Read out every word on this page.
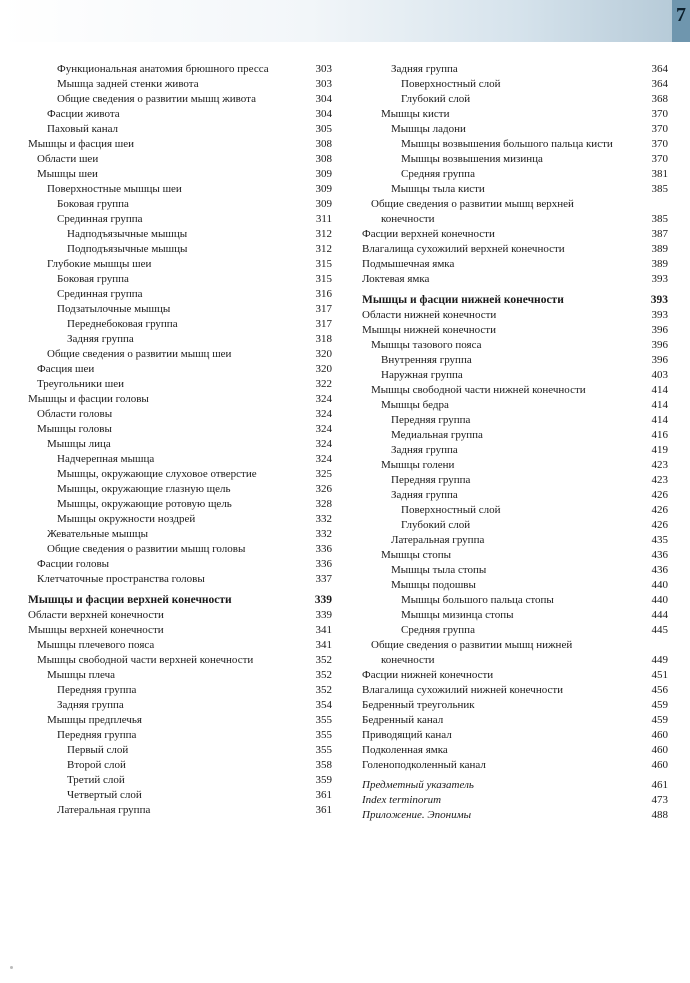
7
Функциональная анатомия брюшного пресса	303
Мышца задней стенки живота	303
Общие сведения о развитии мышц живота	304
Фасции живота	304
Паховый канал	305
Мышцы и фасция шеи	308
Области шеи	308
Мышцы шеи	309
Поверхностные мышцы шеи	309
Боковая группа	309
Срединная группа	311
Надподъязычные мышцы	312
Подподъязычные мышцы	312
Глубокие мышцы шеи	315
Боковая группа	315
Срединная группа	316
Подзатылочные мышцы	317
Переднебоковая группа	317
Задняя группа	318
Общие сведения о развитии мышц шеи	320
Фасция шеи	320
Треугольники шеи	322
Мышцы и фасции головы	324
Области головы	324
Мышцы головы	324
Мышцы лица	324
Надчерепная мышца	324
Мышцы, окружающие слуховое отверстие	325
Мышцы, окружающие глазную щель	326
Мышцы, окружающие ротовую щель	328
Мышцы окружности ноздрей	332
Жевательные мышцы	332
Общие сведения о развитии мышц головы	336
Фасции головы	336
Клетчаточные пространства головы	337
Мышцы и фасции верхней конечности	339
Области верхней конечности	339
Мышцы верхней конечности	341
Мышцы плечевого пояса	341
Мышцы свободной части верхней конечности	352
Мышцы плеча	352
Передняя группа	352
Задняя группа	354
Мышцы предплечья	355
Передняя группа	355
Первый слой	355
Второй слой	358
Третий слой	359
Четвертый слой	361
Латеральная группа	361
Задняя группа	364
Поверхностный слой	364
Глубокий слой	368
Мышцы кисти	370
Мышцы ладони	370
Мышцы возвышения большого пальца кисти	370
Мышцы возвышения мизинца	370
Средняя группа	381
Мышцы тыла кисти	385
Общие сведения о развитии мышц верхней
конечности	385
Фасции верхней конечности	387
Влагалища сухожилий верхней конечности	389
Подмышечная ямка	389
Локтевая ямка	393
Мышцы и фасции нижней конечности	393
Области нижней конечности	393
Мышцы нижней конечности	396
Мышцы тазового пояса	396
Внутренняя группа	396
Наружная группа	403
Мышцы свободной части нижней конечности	414
Мышцы бедра	414
Передняя группа	414
Медиальная группа	416
Задняя группа	419
Мышцы голени	423
Передняя группа	423
Задняя группа	426
Поверхностный слой	426
Глубокий слой	426
Латеральная группа	435
Мышцы стопы	436
Мышцы тыла стопы	436
Мышцы подошвы	440
Мышцы большого пальца стопы	440
Мышцы мизинца стопы	444
Средняя группа	445
Общие сведения о развитии мышц нижней
конечности	449
Фасции нижней конечности	451
Влагалища сухожилий нижней конечности	456
Бедренный треугольник	459
Бедренный канал	459
Приводящий канал	460
Подколенная ямка	460
Голеноподколенный канал	460
Предметный указатель	461
Index terminorum	473
Приложение. Эпонимы	488
